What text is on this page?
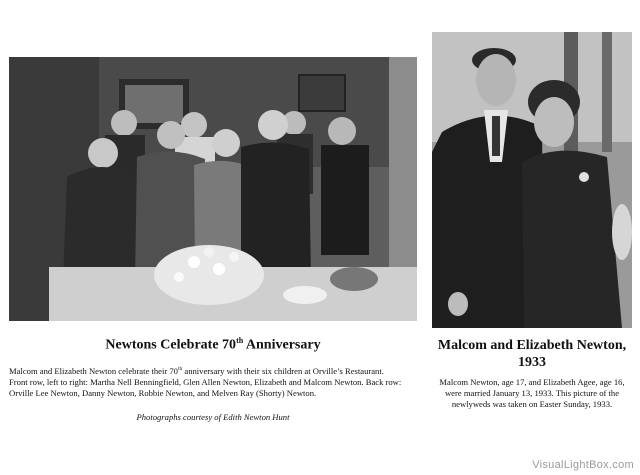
Newtons Celebrate 70th Anniversary
Malcom and Elizabeth Newton celebrate their 70th anniversary with their six children at Orville’s Restaurant.
Front row, left to right: Martha Nell Benningfield, Glen Allen Newton, Elizabeth and Malcom Newton. Back row:
Orville Lee Newton, Danny Newton, Robbie Newton, and Melven Ray (Shorty) Newton.
Photographs courtesy of Edith Newton Hunt
Malcom and Elizabeth Newton,
1933
Malcom Newton, age 17, and Elizabeth Agee, age 16,
were married January 13, 1933. This picture of the
newlyweds was taken on Easter Sunday, 1933.
VisualLightBox.com
